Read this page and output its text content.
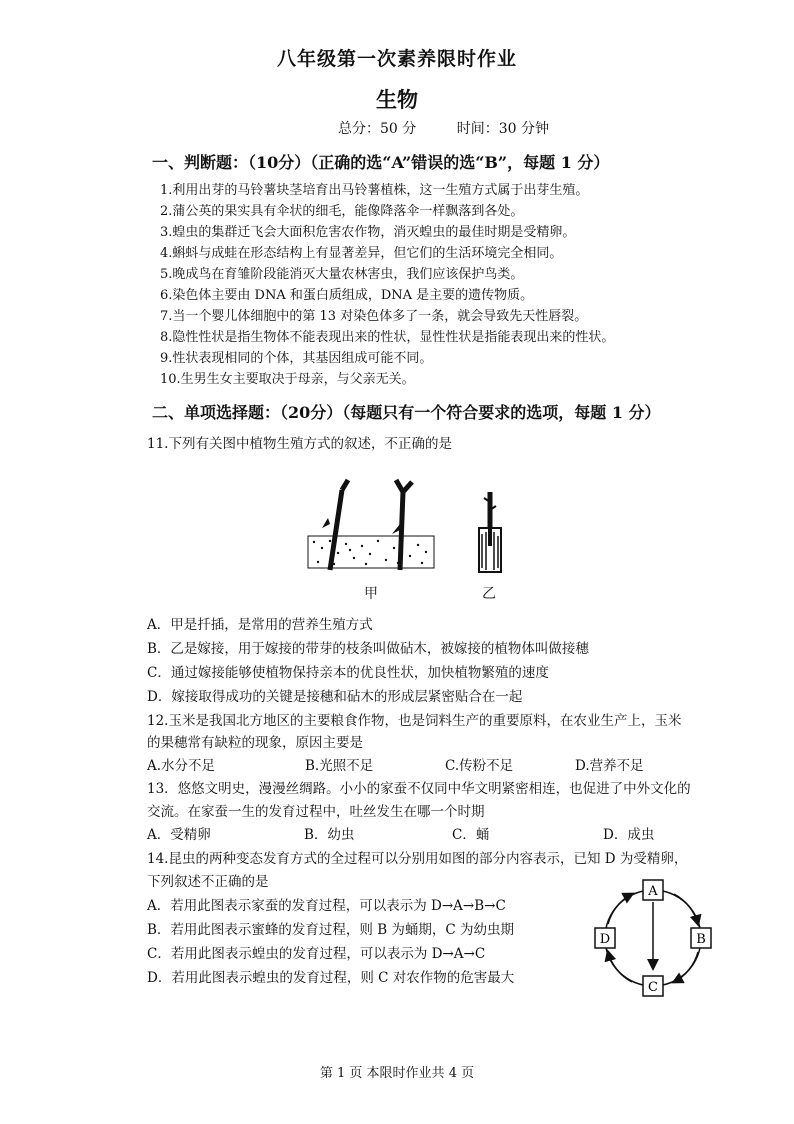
八年级第一次素养限时作业
生物
总分：50 分	时间：30 分钟
一、判断题：（10分）（正确的选“A”错误的选“B”，每题 1 分）
1.利用出芽的马铃薯块茎培育出马铃薯植株，这一生殖方式属于出芽生殖。
2.蒲公英的果实具有伞状的细毛，能像降落伞一样飘落到各处。
3.蝗虫的集群迁飞会大面积危害农作物，消灭蝗虫的最佳时期是受精卵。
4.蝌蚪与成蛙在形态结构上有显著差异，但它们的生活环境完全相同。
5.晚成鸟在育雏阶段能消灭大量农林害虫，我们应该保护鸟类。
6.染色体主要由 DNA 和蛋白质组成，DNA 是主要的遗传物质。
7.当一个婴儿体细胞中的第 13 对染色体多了一条，就会导致先天性唇裂。
8.隐性性状是指生物体不能表现出来的性状，显性性状是指能表现出来的性状。
9.性状表现相同的个体，其基因组成可能不同。
10.生男生女主要取决于母亲，与父亲无关。
二、单项选择题：（20分）（每题只有一个符合要求的选项，每题 1 分）
11.下列有关图中植物生殖方式的叙述，不正确的是
甲	乙
A．甲是扦插，是常用的营养生殖方式
B．乙是嫁接，用于嫁接的带芽的枝条叫做砧木，被嫁接的植物体叫做接穗
C．通过嫁接能够使植物保持亲本的优良性状，加快植物繁殖的速度
D．嫁接取得成功的关键是接穗和砧木的形成层紧密贴合在一起
12.玉米是我国北方地区的主要粮食作物，也是饲料生产的重要原料，在农业生产上，玉米
的果穗常有缺粒的现象，原因主要是
A.水分不足	B.光照不足	C.传粉不足	D.营养不足
13．悠悠文明史，漫漫丝绸路。小小的家蚕不仅同中华文明紧密相连，也促进了中外文化的
交流。在家蚕一生的发育过程中，吐丝发生在哪一个时期
A．受精卵	B．幼虫	C．蛹	D．成虫
14.昆虫的两种变态发育方式的全过程可以分别用如图的部分内容表示，已知 D 为受精卵，
下列叙述不正确的是
A．若用此图表示家蚕的发育过程，可以表示为 D→A→B→C
B．若用此图表示蜜蜂的发育过程，则 B 为蛹期，C 为幼虫期
C．若用此图表示蝗虫的发育过程，可以表示为 D→A→C
D．若用此图表示蝗虫的发育过程，则 C 对农作物的危害最大
A
B
C
D
第 1 页 本限时作业共 4 页
